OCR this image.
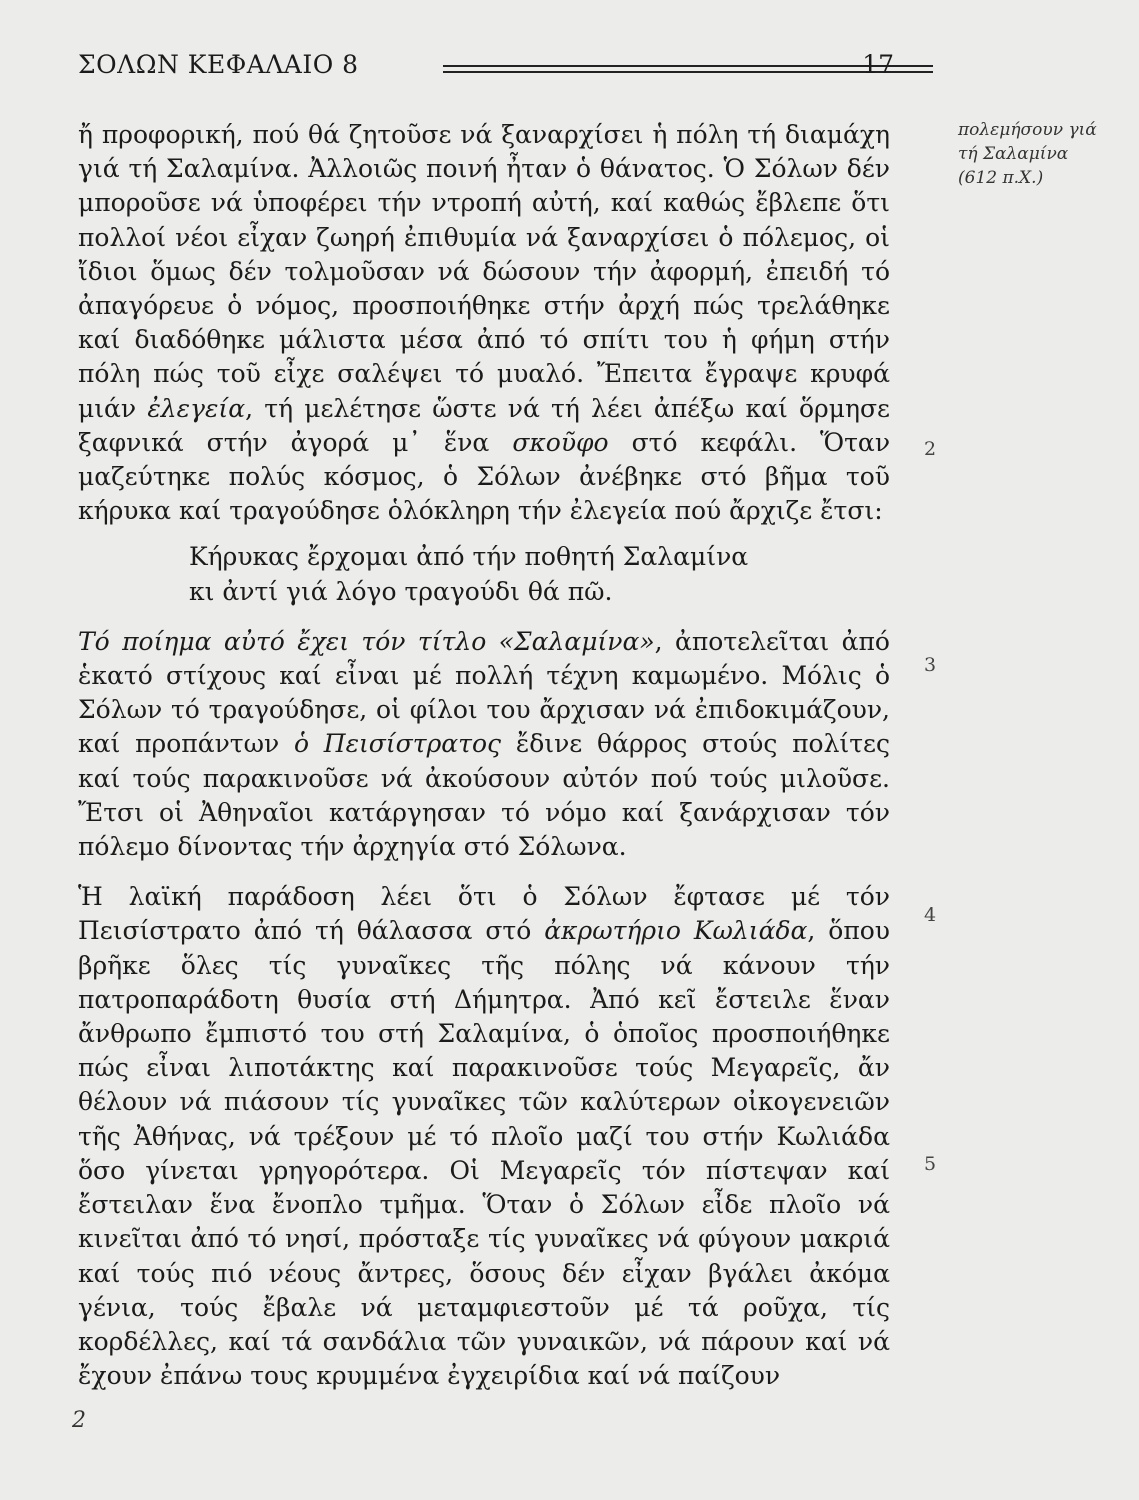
ΣΟΛΩΝ ΚΕΦΑΛΑΙΟ 8	17
πολεμήσουν γιά
τή Σαλαμίνα
(612 π.Χ.)

ἤ προφορική, πού θά ζητοῦσε νά ξαναρχίσει ἡ πόλη τή διαμάχη γιά τή Σαλαμίνα. Ἀλλοιῶς ποινή ἦταν ὁ θάνατος. Ὁ Σόλων δέν μποροῦσε νά ὑποφέρει τήν ντροπή αὐτή, καί καθώς ἔβλεπε ὅτι πολλοί νέοι εἶχαν ζωηρή ἐπιθυμία νά ξαναρχίσει ὁ πόλεμος, οἱ ἴδιοι ὅμως δέν τολμοῦσαν νά δώσουν τήν ἀφορμή, ἐπειδή τό ἀπαγόρευε ὁ νόμος, προσποιήθηκε στήν ἀρχή πώς τρελάθηκε καί διαδόθηκε μάλιστα μέσα ἀπό τό σπίτι του ἡ φήμη στήν πόλη πώς τοῦ εἶχε σαλέψει τό μυαλό. Ἔπειτα ἔγραψε κρυφά μιάν ἐλεγεία, τή μελέτησε ὥστε νά τή λέει ἀπέξω καί ὅρμησε ξαφνικά στήν ἀγορά μ᾽ ἕνα σκοῦφο στό κεφάλι. Ὅταν μαζεύτηκε πολύς κόσμος, ὁ Σόλων ἀνέβηκε στό βῆμα τοῦ κήρυκα καί τραγούδησε ὁλόκληρη τήν ἐλεγεία πού ἄρχιζε ἔτσι:

Κήρυκας ἔρχομαι ἀπό τήν ποθητή Σαλαμίνα
κι ἀντί γιά λόγο τραγούδι θά πῶ.

Τό ποίημα αὐτό ἔχει τόν τίτλο «Σαλαμίνα», ἀποτελεῖται ἀπό ἑκατό στίχους καί εἶναι μέ πολλή τέχνη καμωμένο. Μόλις ὁ Σόλων τό τραγούδησε, οἱ φίλοι του ἄρχισαν νά ἐπιδοκιμάζουν, καί προπάντων ὁ Πεισίστρατος ἔδινε θάρρος στούς πολίτες καί τούς παρακινοῦσε νά ἀκούσουν αὐτόν πού τούς μιλοῦσε. Ἔτσι οἱ Ἀθηναῖοι κατάργησαν τό νόμο καί ξανάρχισαν τόν πόλεμο δίνοντας τήν ἀρχηγία στό Σόλωνα.

Ἡ λαϊκή παράδοση λέει ὅτι ὁ Σόλων ἔφτασε μέ τόν Πεισίστρατο ἀπό τή θάλασσα στό ἀκρωτήριο Κωλιάδα, ὅπου βρῆκε ὅλες τίς γυναῖκες τῆς πόλης νά κάνουν τήν πατροπαράδοτη θυσία στή Δήμητρα. Ἀπό κεῖ ἔστειλε ἕναν ἄνθρωπο ἔμπιστό του στή Σαλαμίνα, ὁ ὁποῖος προσποιήθηκε πώς εἶναι λιποτάκτης καί παρακινοῦσε τούς Μεγαρεῖς, ἄν θέλουν νά πιάσουν τίς γυναῖκες τῶν καλύτερων οἰκογενειῶν τῆς Ἀθήνας, νά τρέξουν μέ τό πλοῖο μαζί του στήν Κωλιάδα ὅσο γίνεται γρηγορότερα. Οἱ Μεγαρεῖς τόν πίστεψαν καί ἔστειλαν ἕνα ἔνοπλο τμῆμα. Ὅταν ὁ Σόλων εἶδε πλοῖο νά κινεῖται ἀπό τό νησί, πρόσταξε τίς γυναῖκες νά φύγουν μακριά καί τούς πιό νέους ἄντρες, ὅσους δέν εἶχαν βγάλει ἀκόμα γένια, τούς ἔβαλε νά μεταμφιεστοῦν μέ τά ροῦχα, τίς κορδέλλες, καί τά σανδάλια τῶν γυναικῶν, νά πάρουν καί νά ἔχουν ἐπάνω τους κρυμμένα ἐγχειρίδια καί νά παίζουν

2
3
4
5
2
